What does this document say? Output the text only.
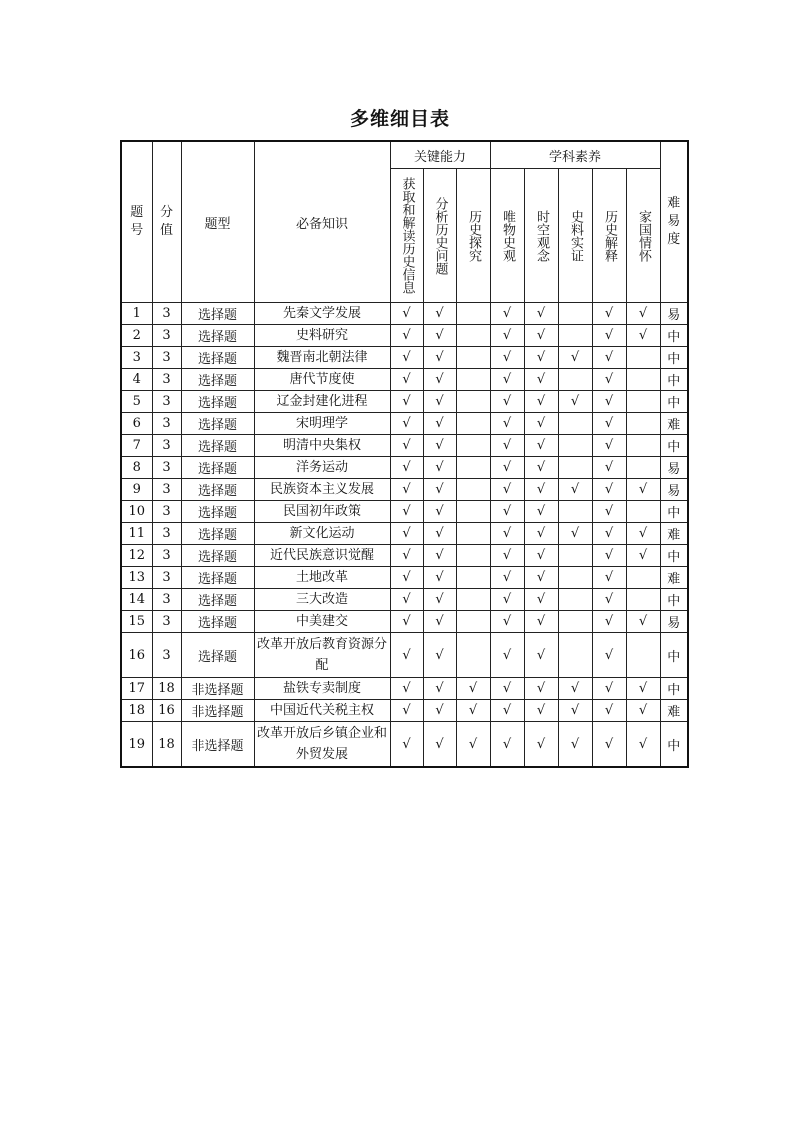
多维细目表
题号	分值	题型	必备知识	关键能力			学科素养					难易度
				获取和解读历史信息	分析历史问题	历史探究	唯物史观	时空观念	史料实证	历史解释	家国情怀	
1	3	选择题	先秦文学发展	√	√		√	√		√	√	易
2	3	选择题	史料研究	√	√		√	√		√	√	中
3	3	选择题	魏晋南北朝法律	√	√		√	√	√	√		中
4	3	选择题	唐代节度使	√	√		√	√		√		中
5	3	选择题	辽金封建化进程	√	√		√	√	√	√		中
6	3	选择题	宋明理学	√	√		√	√		√		难
7	3	选择题	明清中央集权	√	√		√	√		√		中
8	3	选择题	洋务运动	√	√		√	√		√		易
9	3	选择题	民族资本主义发展	√	√		√	√	√	√	√	易
10	3	选择题	民国初年政策	√	√		√	√		√		中
11	3	选择题	新文化运动	√	√		√	√	√	√	√	难
12	3	选择题	近代民族意识觉醒	√	√		√	√		√	√	中
13	3	选择题	土地改革	√	√		√	√		√		难
14	3	选择题	三大改造	√	√		√	√		√		中
15	3	选择题	中美建交	√	√		√	√		√	√	易
16	3	选择题	改革开放后教育资源分配	√	√		√	√		√		中
17	18	非选择题	盐铁专卖制度	√	√	√	√	√	√	√	√	中
18	16	非选择题	中国近代关税主权	√	√	√	√	√	√	√	√	难
19	18	非选择题	改革开放后乡镇企业和外贸发展	√	√	√	√	√	√	√	√	中
